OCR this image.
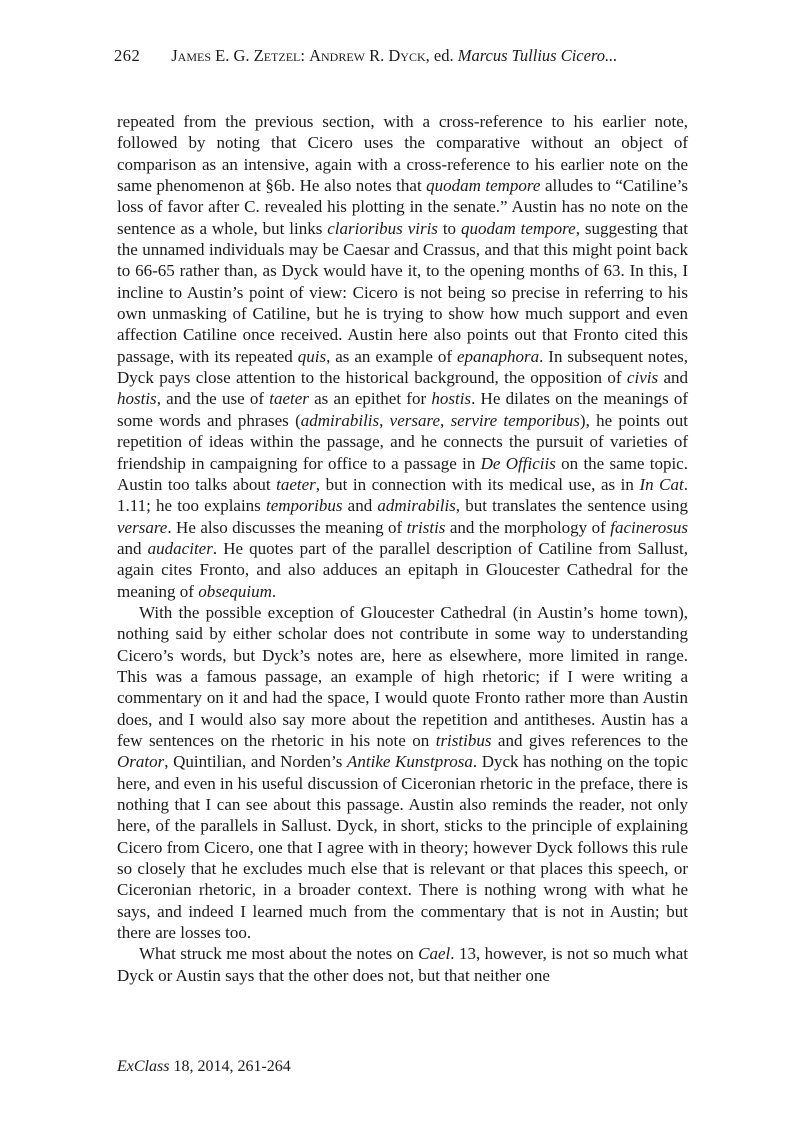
262 James E. G. Zetzel: Andrew R. Dyck, ed. Marcus Tullius Cicero...

repeated from the previous section, with a cross-reference to his earlier note, followed by noting that Cicero uses the comparative without an object of comparison as an intensive, again with a cross-reference to his earlier note on the same phenomenon at §6b. He also notes that quodam tempore alludes to “Catiline’s loss of favor after C. revealed his plotting in the senate.” Austin has no note on the sentence as a whole, but links clarioribus viris to quodam tempore, suggesting that the unnamed individuals may be Caesar and Crassus, and that this might point back to 66-65 rather than, as Dyck would have it, to the opening months of 63. In this, I incline to Austin’s point of view: Cicero is not being so precise in referring to his own unmasking of Catiline, but he is trying to show how much support and even affection Catiline once received. Austin here also points out that Fronto cited this passage, with its repeated quis, as an example of epanaphora. In subsequent notes, Dyck pays close attention to the historical background, the opposition of civis and hostis, and the use of taeter as an epithet for hostis. He dilates on the meanings of some words and phrases (admirabilis, versare, servire temporibus), he points out repetition of ideas within the passage, and he connects the pursuit of varieties of friendship in campaigning for office to a passage in De Officiis on the same topic. Austin too talks about taeter, but in connection with its medical use, as in In Cat. 1.11; he too explains temporibus and admirabilis, but translates the sentence using versare. He also discusses the meaning of tristis and the morphology of facinerosus and audaciter. He quotes part of the parallel description of Catiline from Sallust, again cites Fronto, and also adduces an epitaph in Gloucester Cathedral for the meaning of obsequium.

With the possible exception of Gloucester Cathedral (in Austin’s home town), nothing said by either scholar does not contribute in some way to understanding Cicero’s words, but Dyck’s notes are, here as elsewhere, more limited in range. This was a famous passage, an example of high rhetoric; if I were writing a commentary on it and had the space, I would quote Fronto rather more than Austin does, and I would also say more about the repetition and antitheses. Austin has a few sentences on the rhetoric in his note on tristibus and gives references to the Orator, Quintilian, and Norden’s Antike Kunstprosa. Dyck has nothing on the topic here, and even in his useful discussion of Ciceronian rhetoric in the preface, there is nothing that I can see about this passage. Austin also reminds the reader, not only here, of the parallels in Sallust. Dyck, in short, sticks to the principle of explaining Cicero from Cicero, one that I agree with in theory; however Dyck follows this rule so closely that he excludes much else that is relevant or that places this speech, or Ciceronian rhetoric, in a broader context. There is nothing wrong with what he says, and indeed I learned much from the commentary that is not in Austin; but there are losses too.

What struck me most about the notes on Cael. 13, however, is not so much what Dyck or Austin says that the other does not, but that neither one

ExClass 18, 2014, 261-264
